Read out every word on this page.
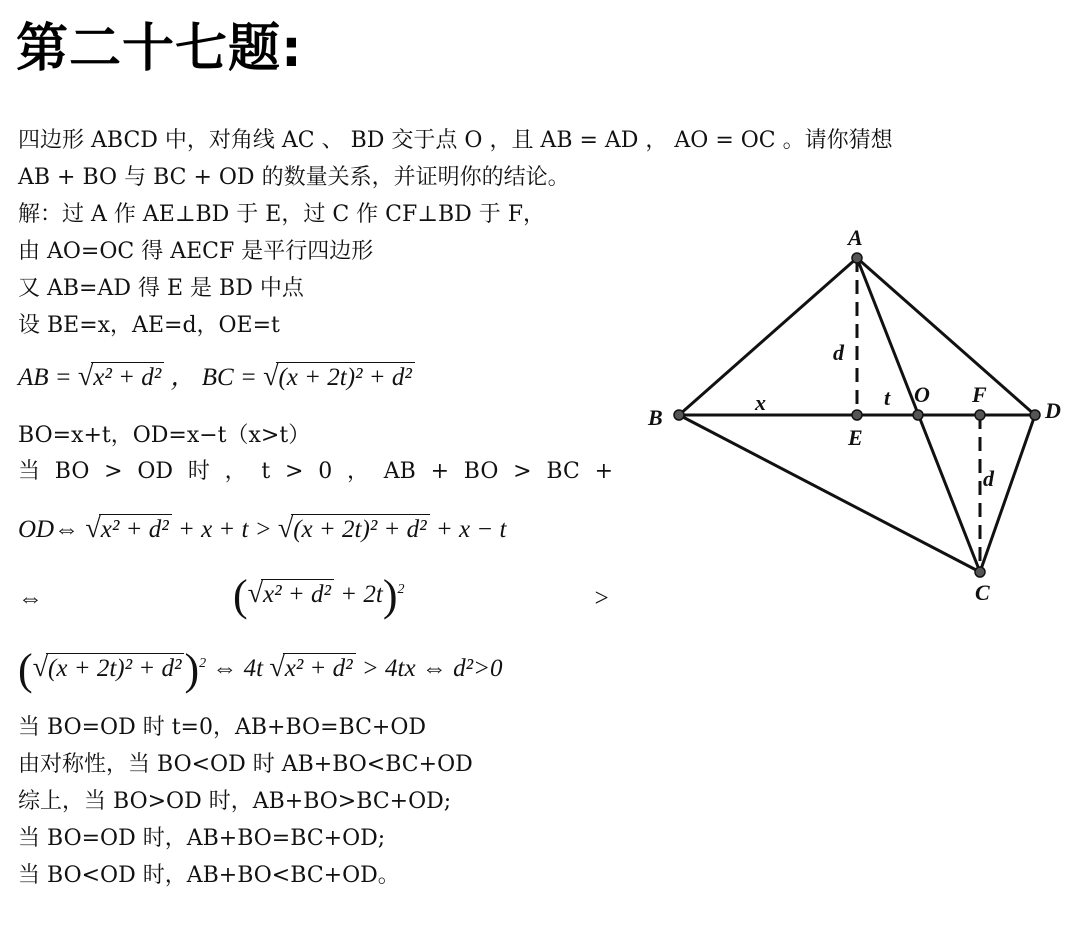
第二十七题:
四边形 ABCD 中，对角线 AC 、 BD 交于点 O ，且 AB = AD ， AO = OC 。请你猜想
AB + BO 与 BC + OD 的数量关系，并证明你的结论。
解：过 A 作 AE⊥BD 于 E，过 C 作 CF⊥BD 于 F，
由 AO=OC 得 AECF 是平行四边形
又 AB=AD 得 E 是 BD 中点
设 BE=x，AE=d，OE=t
AB = √x² + d² ， BC = √(x + 2t)² + d²
BO=x+t，OD=x−t（x>t）
当 BO > OD 时 ， t > 0 ， AB + BO > BC +
OD⇔ √x² + d² + x + t > √(x + 2t)² + d² + x − t
⇔	$(√x^2 + d^2 + 2t)^2$	>
$(√(x + 2t)^2 + d^2)^2$ ⇔ 4t √x² + d² > 4tx ⇔ d²>0
当 BO=OD 时 t=0，AB+BO=BC+OD
由对称性，当 BO<OD 时 AB+BO<BC+OD
综上，当 BO>OD 时，AB+BO>BC+OD;
当 BO=OD 时，AB+BO=BC+OD;
当 BO<OD 时，AB+BO<BC+OD。
A
B
C
D
E
F
O
d
d
x	t
